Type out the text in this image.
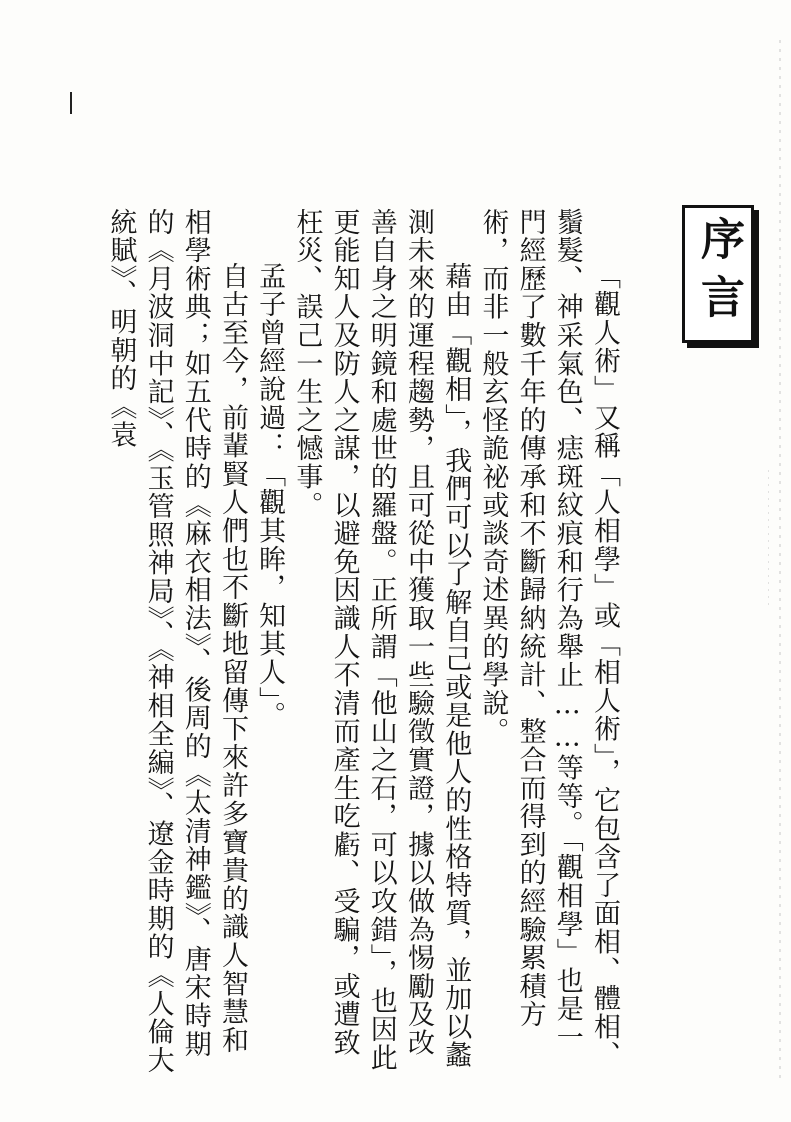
序言

「觀人術」又稱「人相學」或「相人術」，它包含了面相、體相、鬚髮、神采氣色、痣斑紋痕和行為舉止……等等。「觀相學」也是一門經歷了數千年的傳承和不斷歸納統計、整合而得到的經驗累積方術，而非一般玄怪詭祕或談奇述異的學說。

藉由「觀相」，我們可以了解自己或是他人的性格特質，並加以蠡測未來的運程趨勢，且可從中獲取一些驗徵實證，據以做為惕勵及改善自身之明鏡和處世的羅盤。正所謂「他山之石，可以攻錯」，也因此更能知人及防人之謀，以避免因識人不清而產生吃虧、受騙，或遭致枉災、誤己一生之憾事。

孟子曾經說過：「觀其眸，知其人」。

自古至今，前輩賢人們也不斷地留傳下來許多寶貴的識人智慧和相學術典；如五代時的《麻衣相法》、後周的《太清神鑑》、唐宋時期的《月波洞中記》、《玉管照神局》、《神相全編》、遼金時期的《人倫大統賦》、明朝的《袁
